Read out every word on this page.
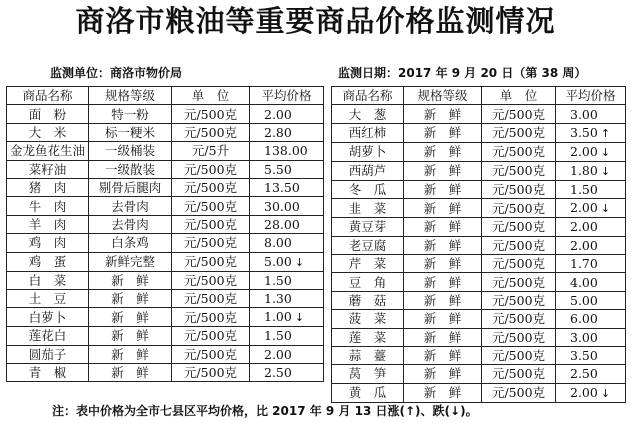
商洛市粮油等重要商品价格监测情况
监测单位：商洛市物价局	监测日期：2017 年 9 月 20 日（第 38 周）
商品名称	规格等级	单　位	平均价格
面　粉	特一粉	元/500克	2.00
大　米	标一粳米	元/500克	2.80
金龙鱼花生油	一级桶装	元/5升	138.00
菜籽油	一级散装	元/500克	5.50
猪　肉	剔骨后腿肉	元/500克	13.50
牛　肉	去骨肉	元/500克	30.00
羊　肉	去骨肉	元/500克	28.00
鸡　肉	白条鸡	元/500克	8.00
鸡　蛋	新鲜完整	元/500克	5.00 ↓
白　菜	新　鲜	元/500克	1.50
土　豆	新　鲜	元/500克	1.30
白萝卜	新　鲜	元/500克	1.00 ↓
莲花白	新　鲜	元/500克	1.50
圆茄子	新　鲜	元/500克	2.00
青　椒	新　鲜	元/500克	2.50
商品名称	规格等级	单　位	平均价格
大　葱	新　鲜	元/500克	3.00
西红柿	新　鲜	元/500克	3.50 ↑
胡萝卜	新　鲜	元/500克	2.00 ↓
西葫芦	新　鲜	元/500克	1.80 ↓
冬　瓜	新　鲜	元/500克	1.50
韭　菜	新　鲜	元/500克	2.00 ↓
黄豆芽	新　鲜	元/500克	2.00
老豆腐	新　鲜	元/500克	2.00
芹　菜	新　鲜	元/500克	1.70
豆　角	新　鲜	元/500克	4.00
蘑　菇	新　鲜	元/500克	5.00
菠　菜	新　鲜	元/500克	6.00
莲　菜	新　鲜	元/500克	3.00
蒜　薹	新　鲜	元/500克	3.50
莴　笋	新　鲜	元/500克	2.50
黄　瓜	新　鲜	元/500克	2.00 ↓
注：表中价格为全市七县区平均价格，比 2017 年 9 月 13 日涨(↑)、跌(↓)。
